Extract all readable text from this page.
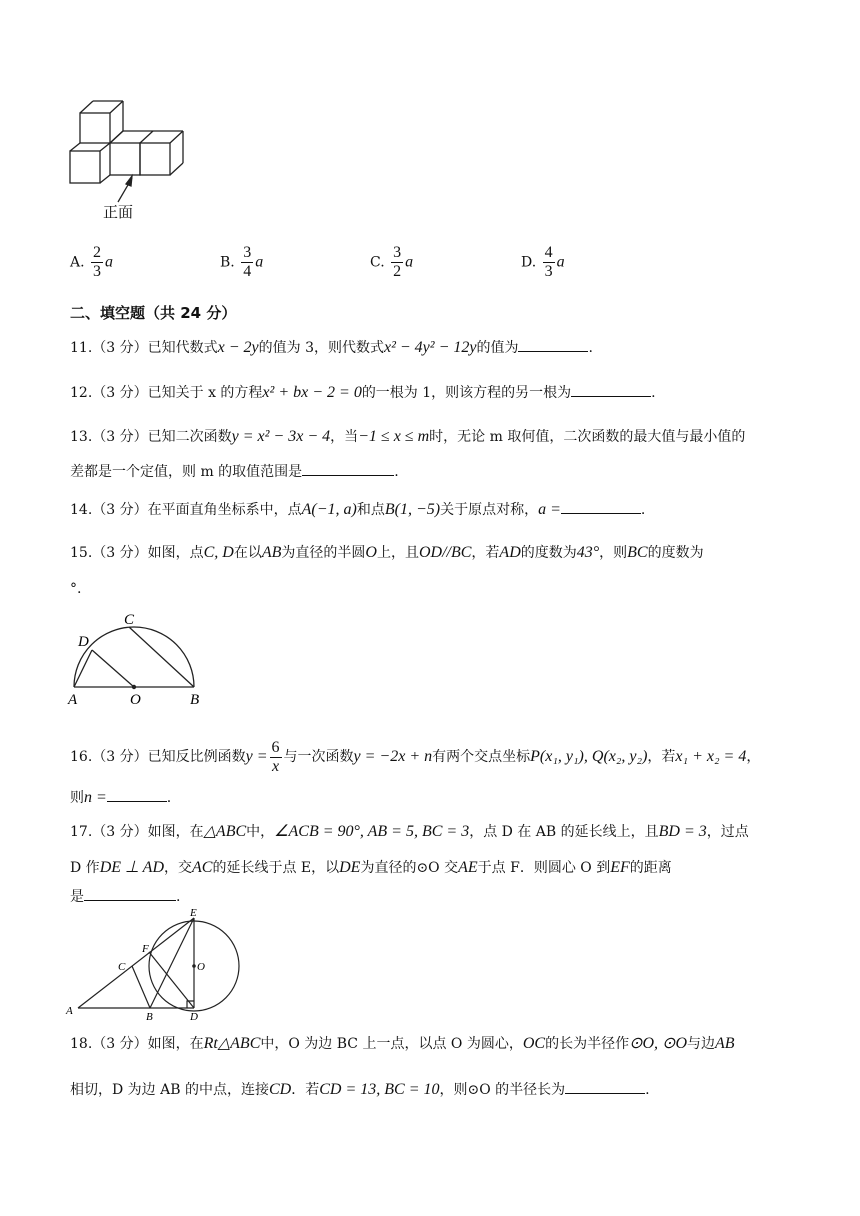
正面
A. $\frac{2}{3}$ a	B. $\frac{3}{4}$ a	C. $\frac{3}{2}$ a	D. $\frac{4}{3}$ a
二、填空题（共 24 分）
11.（3 分）已知代数式x − 2y的值为 3，则代数式x² − 4y² − 12y的值为	.
12.（3 分）已知关于 x 的方程x² + bx − 2 = 0的一根为 1，则该方程的另一根为	.
13.（3 分）已知二次函数y = x² − 3x − 4，当−1 ≤ x ≤ m时，无论 m 取何值，二次函数的最大值与最小值的
差都是一个定值，则 m 的取值范围是	.
14.（3 分）在平面直角坐标系中，点A(−1, a)和点B(1, −5)关于原点对称，a =	.
15.（3 分）如图，点C, D在以AB为直径的半圆O上，且OD//BC，若AD的度数为43°，则BC的度数为
°.
A	O	B
C
D
16.（3 分）已知反比例函数$y = \frac{6}{x}$ 与一次函数y = −2x + n有两个交点坐标P(x₁, y₁), Q(x₂, y₂)，若x₁ + x₂ = 4，
则n =	.
17.（3 分）如图，在△ABC中，∠ACB = 90°, AB = 5, BC = 3，点 D 在 AB 的延长线上，且BD = 3，过点
D 作DE ⊥ AD，交AC的延长线于点 E，以DE为直径的⊙O 交AE于点 F．则圆心 O 到EF的距离
是	.
A	B
C
D
E
F
O
18.（3 分）如图，在Rt△ABC中，O 为边 BC 上一点，以点 O 为圆心，OC的长为半径作⊙O, ⊙O与边AB
相切，D 为边 AB 的中点，连接CD．若CD = 13, BC = 10，则⊙O 的半径长为	.
